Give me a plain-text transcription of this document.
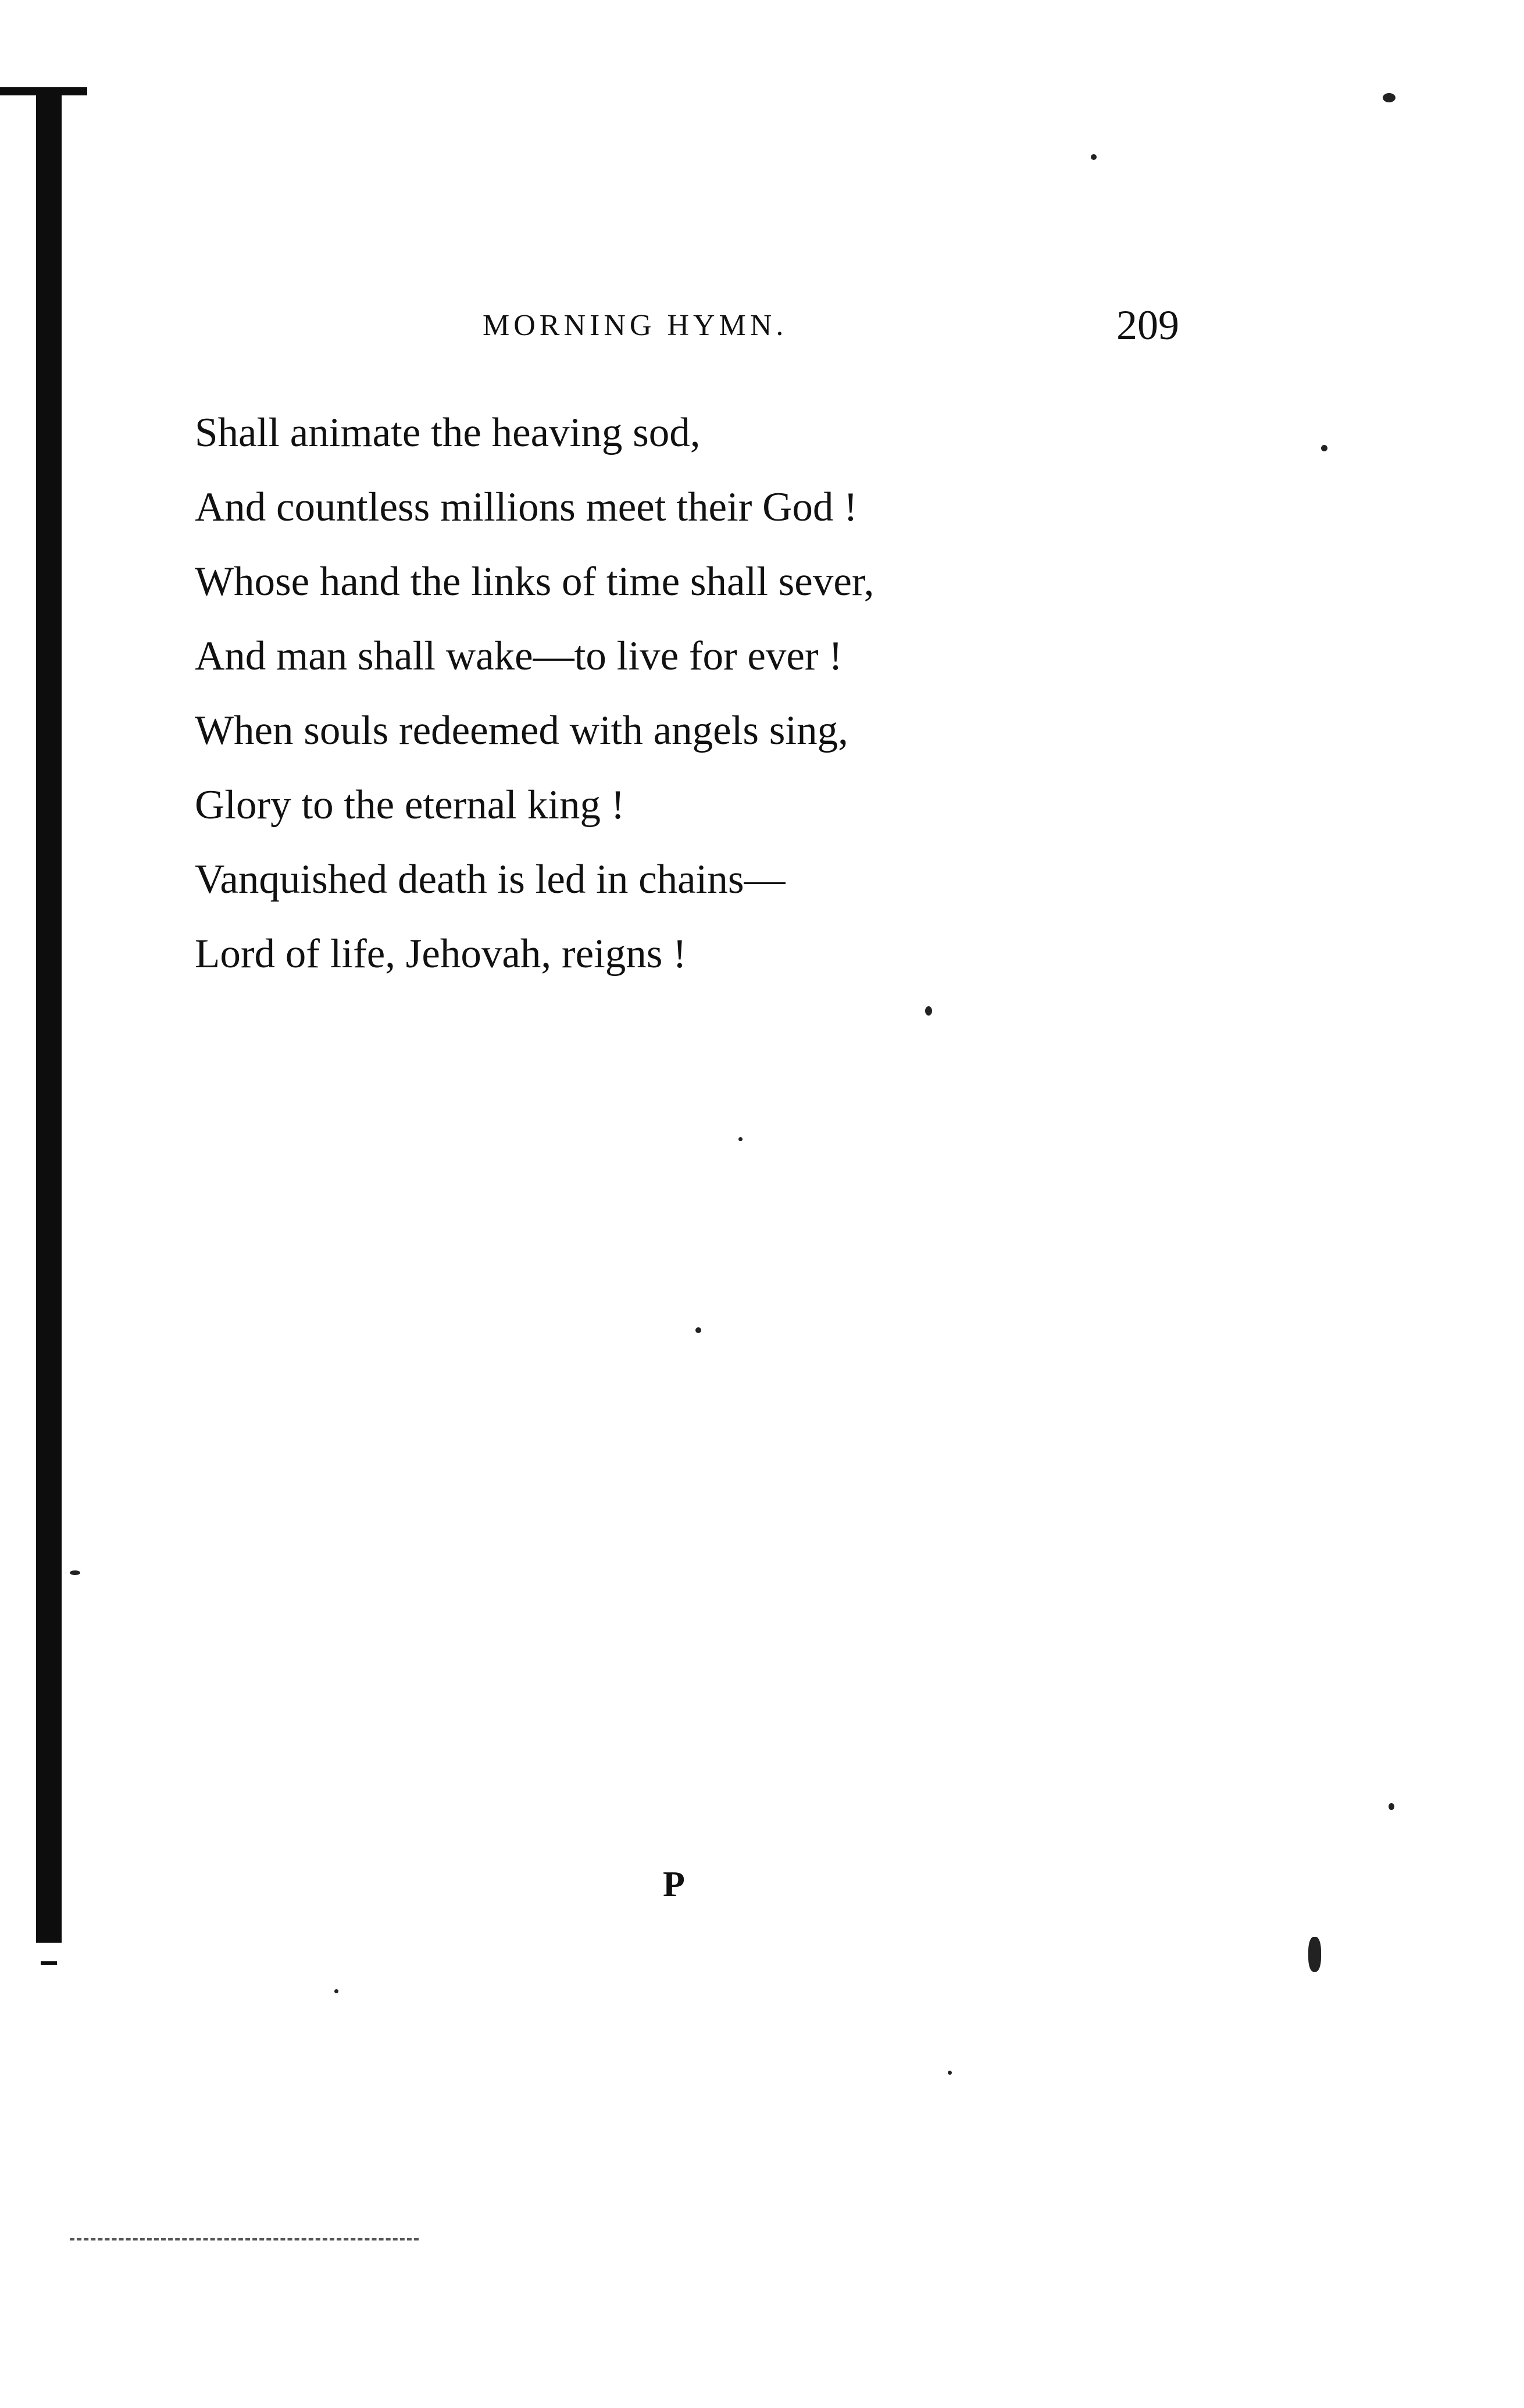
MORNING HYMN.	209
Shall animate the heaving sod,
And countless millions meet their God !
Whose hand the links of time shall sever,
And man shall wake—to live for ever !
When souls redeemed with angels sing,
Glory to the eternal king !
Vanquished death is led in chains—
Lord of life, Jehovah, reigns !
P
